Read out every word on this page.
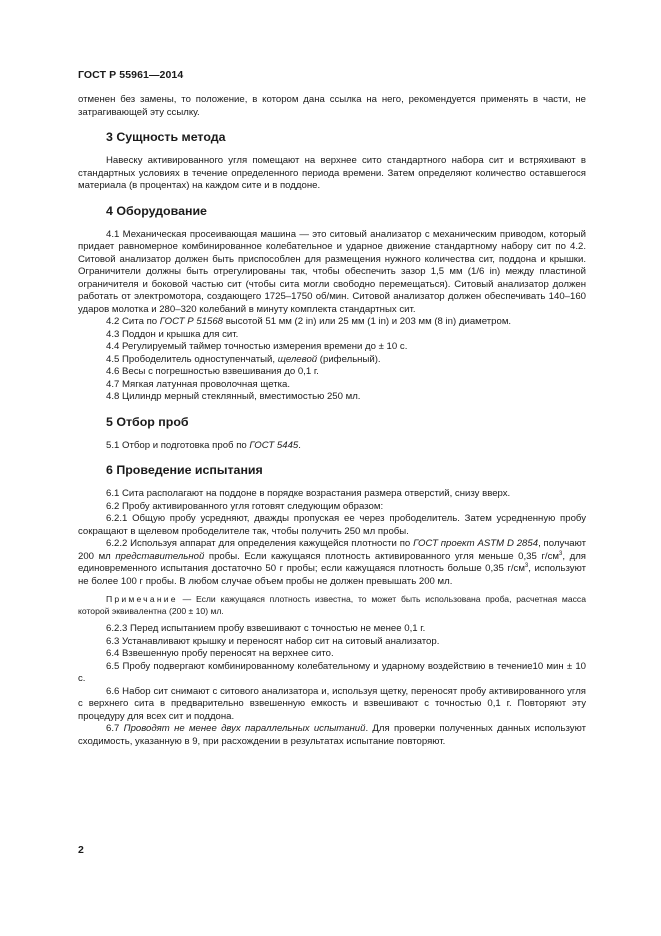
ГОСТ Р 55961—2014

отменен без замены, то положение, в котором дана ссылка на него, рекомендуется применять в части, не затрагивающей эту ссылку.

3 Сущность метода

Навеску активированного угля помещают на верхнее сито стандартного набора сит и встряхивают в стандартных условиях в течение определенного периода времени. Затем определяют количество оставшегося материала (в процентах) на каждом сите и в поддоне.

4 Оборудование

4.1 Механическая просеивающая машина — это ситовый анализатор с механическим приводом, который придает равномерное комбинированное колебательное и ударное движение стандартному набору сит по 4.2. Ситовой анализатор должен быть приспособлен для размещения нужного количества сит, поддона и крышки. Ограничители должны быть отрегулированы так, чтобы обеспечить зазор 1,5 мм (1/6 in) между пластиной ограничителя и боковой частью сит (чтобы сита могли свободно перемещаться). Ситовый анализатор должен работать от электромотора, создающего 1725–1750 об/мин. Ситовой анализатор должен обеспечивать 140–160 ударов молотка и 280–320 колебаний в минуту комплекта стандартных сит.

4.2 Сита по ГОСТ Р 51568 высотой 51 мм (2 in) или 25 мм (1 in) и 203 мм (8 in) диаметром.

4.3 Поддон и крышка для сит.

4.4 Регулируемый таймер точностью измерения времени до ± 10 с.

4.5 Прободелитель одноступенчатый, щелевой (рифельный).

4.6 Весы с погрешностью взвешивания до 0,1 г.

4.7 Мягкая латунная проволочная щетка.

4.8 Цилиндр мерный стеклянный, вместимостью 250 мл.

5 Отбор проб

5.1 Отбор и подготовка проб по ГОСТ 5445.

6 Проведение испытания

6.1 Сита располагают на поддоне в порядке возрастания размера отверстий, снизу вверх.

6.2 Пробу активированного угля готовят следующим образом:

6.2.1 Общую пробу усредняют, дважды пропуская ее через прободелитель. Затем усредненную пробу сокращают в щелевом прободелителе так, чтобы получить 250 мл пробы.

6.2.2 Используя аппарат для определения кажущейся плотности по ГОСТ проект ASTM D 2854, получают 200 мл представительной пробы. Если кажущаяся плотность активированного угля меньше 0,35 $г/см^3$, для единовременного испытания достаточно 50 г пробы; если кажущаяся плотность больше 0,35 $г/см^3$, используют не более 100 г пробы. В любом случае объем пробы не должен превышать 200 мл.

Примечание — Если кажущаяся плотность известна, то может быть использована проба, расчетная масса которой эквивалентна (200 ± 10) мл.

6.2.3 Перед испытанием пробу взвешивают с точностью не менее 0,1 г.

6.3 Устанавливают крышку и переносят набор сит на ситовый анализатор.

6.4 Взвешенную пробу переносят на верхнее сито.

6.5 Пробу подвергают комбинированному колебательному и ударному воздействию в течение10 мин ± 10 с.

6.6 Набор сит снимают с ситового анализатора и, используя щетку, переносят пробу активированного угля с верхнего сита в предварительно взвешенную емкость и взвешивают с точностью 0,1 г. Повторяют эту процедуру для всех сит и поддона.

6.7 Проводят не менее двух параллельных испытаний. Для проверки полученных данных используют сходимость, указанную в 9, при расхождении в результатах испытание повторяют.

2
